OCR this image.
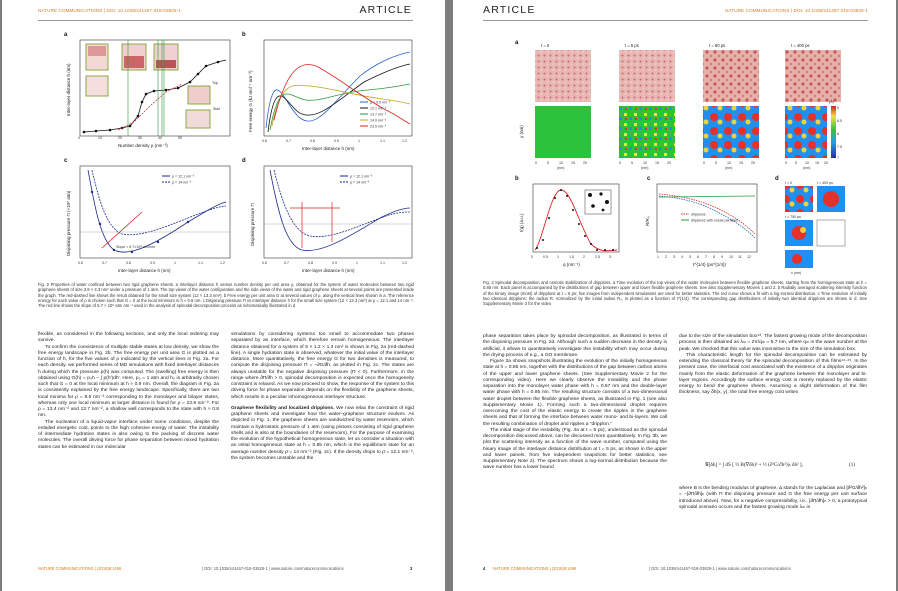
NATURE COMMUNICATIONS | DOI: 10.1038/s41467-018-03829-1	ARTICLE
a
Top
Side
0	10	20	30	40	50
Number density ρ (nm⁻³)
Inter-layer distance h (nm)
b
ρ = 9.5 nm⁻³
12.1 nm⁻³
13.7 nm⁻³
14.0 nm⁻³
23.9 nm⁻³
0.6	0.7	0.8	0.9	1	1.1	1.2
Inter-layer distance h (nm)
Free energy G (kJ mol⁻¹ nm⁻²)
c
ρ = 12.1 nm⁻³
ρ = 14 nm⁻³
Slope = 5.7×10⁸ atm/nm
0.6	0.7	0.8	0.9	1	1.1	1.2
Inter-layer distance h (nm)
Disjoining pressure Π (×10⁸ atm)
d
ρ = 12.1 nm⁻³
ρ = 14 nm⁻³
0.6	0.7	0.8	0.9	1	1.1	1.2
Inter-layer distance h (nm)
Disjoining pressure Π
Fig. 2 Properties of water confined between two rigid graphene sheets. a Interlayer distance h versus number density per unit area ρ, obtained for the system of water molecules between two rigid graphene sheets of size 3.9 × 4.3 nm² under a pressure of 1 atm. The top views of the water configuration and the side views of the water and rigid graphene sheets at several points are presented inside the graph. The red-dashed line shows the result obtained for the small size system (12 × 13.3 nm²). b Free energy per unit area G at several values of ρ, along the vertical lines shown in a. The reference energy for each value of ρ is chosen such that G = 0 at the local minimum in h ≈ 0.9 nm. c Disjoining pressure Π vs interlayer distance h for the small size system (12 × 13.3 nm²) at ρ = 12.1 and 14 nm⁻². The red line shows the slope of 5.7 × 10⁸ atm nm⁻¹ used in the analysis of spinodal decomposition process as schematically illustrated in d

flexible, as considered in the following sections, and only the local ordering may survive.

To confirm the coexistence of multiple stable states at low density, we show the free energy landscape in Fig. 2b. The free energy per unit area G is plotted as a function of h, for the five values of ρ indicated by the vertical lines in Fig. 2a. For each density, we performed series of MD simulations with fixed interlayer distances h during which the pressure p(h) was computed. The (swelling) free energy is then obtained using G(h) = p₀h − ∫ p(h′)dh′. Here, p₀ = 1 atm and h₀ is arbitrarily chosen such that G = 0 at the local minimum at h ≈ 0.9 nm. Overall, the diagram in Fig. 2a is consistently explained by the free energy landscape. Specifically, there are two local minima for ρ = 9.5 nm⁻² corresponding to the monolayer and bilayer states, whereas only one local minimum at larger distance is found for ρ = 23.9 nm⁻². For ρ = 13.4 nm⁻² and 13.7 nm⁻², a shallow well corresponds to the state with h ≈ 0.8 nm.

The nucleation of a liquid-vapor interface under some conditions, despite the entailed energetic cost, points to the high cohesive energy of water. The instability of intermediate hydration states is also owing to the packing of discrete water molecules. The overall driving force for phase separation between mixed hydration states can be estimated in our molecular

simulations by considering systems too small to accommodate two phases separated by an interface, which therefore remain homogeneous. The interlayer distance obtained for a system of 5 × 1.2 × 1.3 nm² is shown in Fig. 2a (red-dashed line). A single hydration state is observed, whatever the initial value of the interlayer distance. More quantitatively, the free energy G for two densities is measured, to compute the disjoining pressure Π = −∂G/∂h, as plotted in Fig. 2c. The states are always unstable for the negative disjoining pressure (Π < 0). Furthermore, in the range where ∂Π/∂h > 0, spinodal decomposition is expected once the homogeneity constraint is relaxed. As we now proceed to show, the response of the system to this driving force for phase separation depends on the flexibility of the graphene sheets, which results in a peculiar inhomogeneous interlayer structure.

Graphene flexibility and localized dripplons. We now relax the constraint of rigid graphene sheets and investigate how the water–graphene structure evolves. As depicted in Fig. 1, the graphene sheets are sandwiched by water reservoirs, which maintain a hydrostatic pressure of 1 atm (using pistons consisting of rigid graphene shells and is also at the boundaries of the reservoirs). For the purpose of examining the evolution of the hypothetical homogeneous state, let us consider a situation with an initial homogeneous state at h = 0.85 nm, which is the equilibrium state for an average number density ρ̄ = 14 nm⁻² (Fig. 2c). If the density drops to ρ̄ = 12.1 nm⁻², the system becomes unstable and the

NATURE COMMUNICATIONS | (2018)9:1496	| DOI: 10.1038/s41467-018-03829-1 | www.nature.com/naturecommunications	3
ARTICLE	NATURE COMMUNICATIONS | DOI: 10.1038/s41467-018-03829-1
a	t = 0	t = 5 ps	t = 80 ps	t = 400 ps
(Å)
9
8.5
8
7.5
7
y (nm)
0	5	10 15 20	0	5	10 15 20	0	5	10 15 20	0 5 10 15 20
(nm)	(nm)	(nm)	(nm)
b
0	0.5	1	1.5	2	2.5	3
q (nm⁻¹)
I(q) (a.u.)
c
dripplons
dripplons with solute particles
1 2 3 4 5 6 7 8 9 10 11 12
t^{1/4} (ps^{1/4})
R/R₀
d
t = 0	t = 400 ps
t = 750 ps
x (nm)
Fig. 3 Spinodal decomposition and osmotic stabilization of dripplons. a Time evolution of the top views of the water molecules between flexible graphene sheets, starting from the homogeneous state at h = 0.85 nm. Each panel is accompanied by the distributions of gap between upper and lower flexible graphene sheets. See also Supplementary Movies 1 and 2. b Radially averaged scattering intensity function of the binary image (most) of dripplons at t = 5 ps; five images from independent simulations are used for better statistics. The red curve shows a fit with a log-normal distribution. c Time evolution of initially two identical dripplons; the radius R, normalized by the initial radius R₀, is plotted as a function of t^{1/4}. The corresponding gap distributions of initially two identical dripplons are shown in d. See Supplementary Movie 3 for the video

phase separation takes place by spinodal decomposition, as illustrated in terms of the disjoining pressure in Fig. 2d. Although such a sudden decrease in the density is artificial, it allows to quantitatively investigate this instability which may occur during the drying process of e.g., a GO membrane.

Figure 3a shows snapshots illustrating the evolution of the initially homogeneous state at h = 0.85 nm, together with the distributions of the gap between carbon atoms of the upper and lower graphene sheets. (See Supplementary Movie 2 for the corresponding video). Here we clearly observe the instability and the phase separation into the monolayer water phase with h = 0.67 nm and the double-layer water phase with h = 0.95 nm. The resulting structure consists of a two-dimensional water droplet between the flexible graphene sheets, as illustrated in Fig. 1 (see also Supplementary Movie 1). Forming such a two-dimensional droplet requires overcoming the cost of the elastic energy to create the ripples in the graphene sheets and that of forming the interface between water mono- and bi-layers. We call the resulting combination of droplet and ripples a “dripplon.”

The initial stage of the instability (Fig. 3a at t = 5 ps), understood as the spinodal decomposition discussed above, can be discussed more quantitatively. In Fig. 3b, we plot the scattering intensity as a function of the wave number, computed using the binary image of the interlayer distance distribution at t = 5 ps, as shown in the upper and lower panels, from five independent snapshots for better statistics, see Supplementary Note 2). The spectrum shows a log-normal distribution because the wave number has a lower bound

due to the size of the simulation box⁴³. The fastest growing mode of the decomposition process is then obtained as λₘ = 2π/qₘ = 5.7 nm, where qₘ is the wave number at the peak. We checked that this value was insensitive to the size of the simulation box.

This characteristic length for the spinodal decomposition can be estimated by extending the classical theory for the spinodal decomposition of thin films⁴⁴·⁴⁵. In the present case, the interfacial cost associated with the existence of a dripplon originates mainly from the elastic deformation of the graphene between the monolayer and bi-layer regions. Accordingly the surface energy cost is merely replaced by the elastic energy to bend the graphene sheets. Assuming a slight deformation of the film thickness, say δh(x, y), the total free energy cost writes

𝒢[δh] = ∫ dS [ ½ B(∇δh)² + ½ (∂²G/∂h²)|ₕ δh² ],	(1)

where B is the bending modulus of graphene, Δ stands for the Laplacian and [∂²G/∂h²]ₕ = −[∂Π/∂h]ₕ (with Π the disjoining pressure and G the free energy per unit surface introduced above). Now, for a negative compressibility, i.e., [∂Π/∂h]ₕ > 0, a prototypical spinodal scenario occurs and the fastest growing mode λₘ is

4 NATURE COMMUNICATIONS | (2018)9:1496	| DOI: 10.1038/s41467-018-03829-1 | www.nature.com/naturecommunications
